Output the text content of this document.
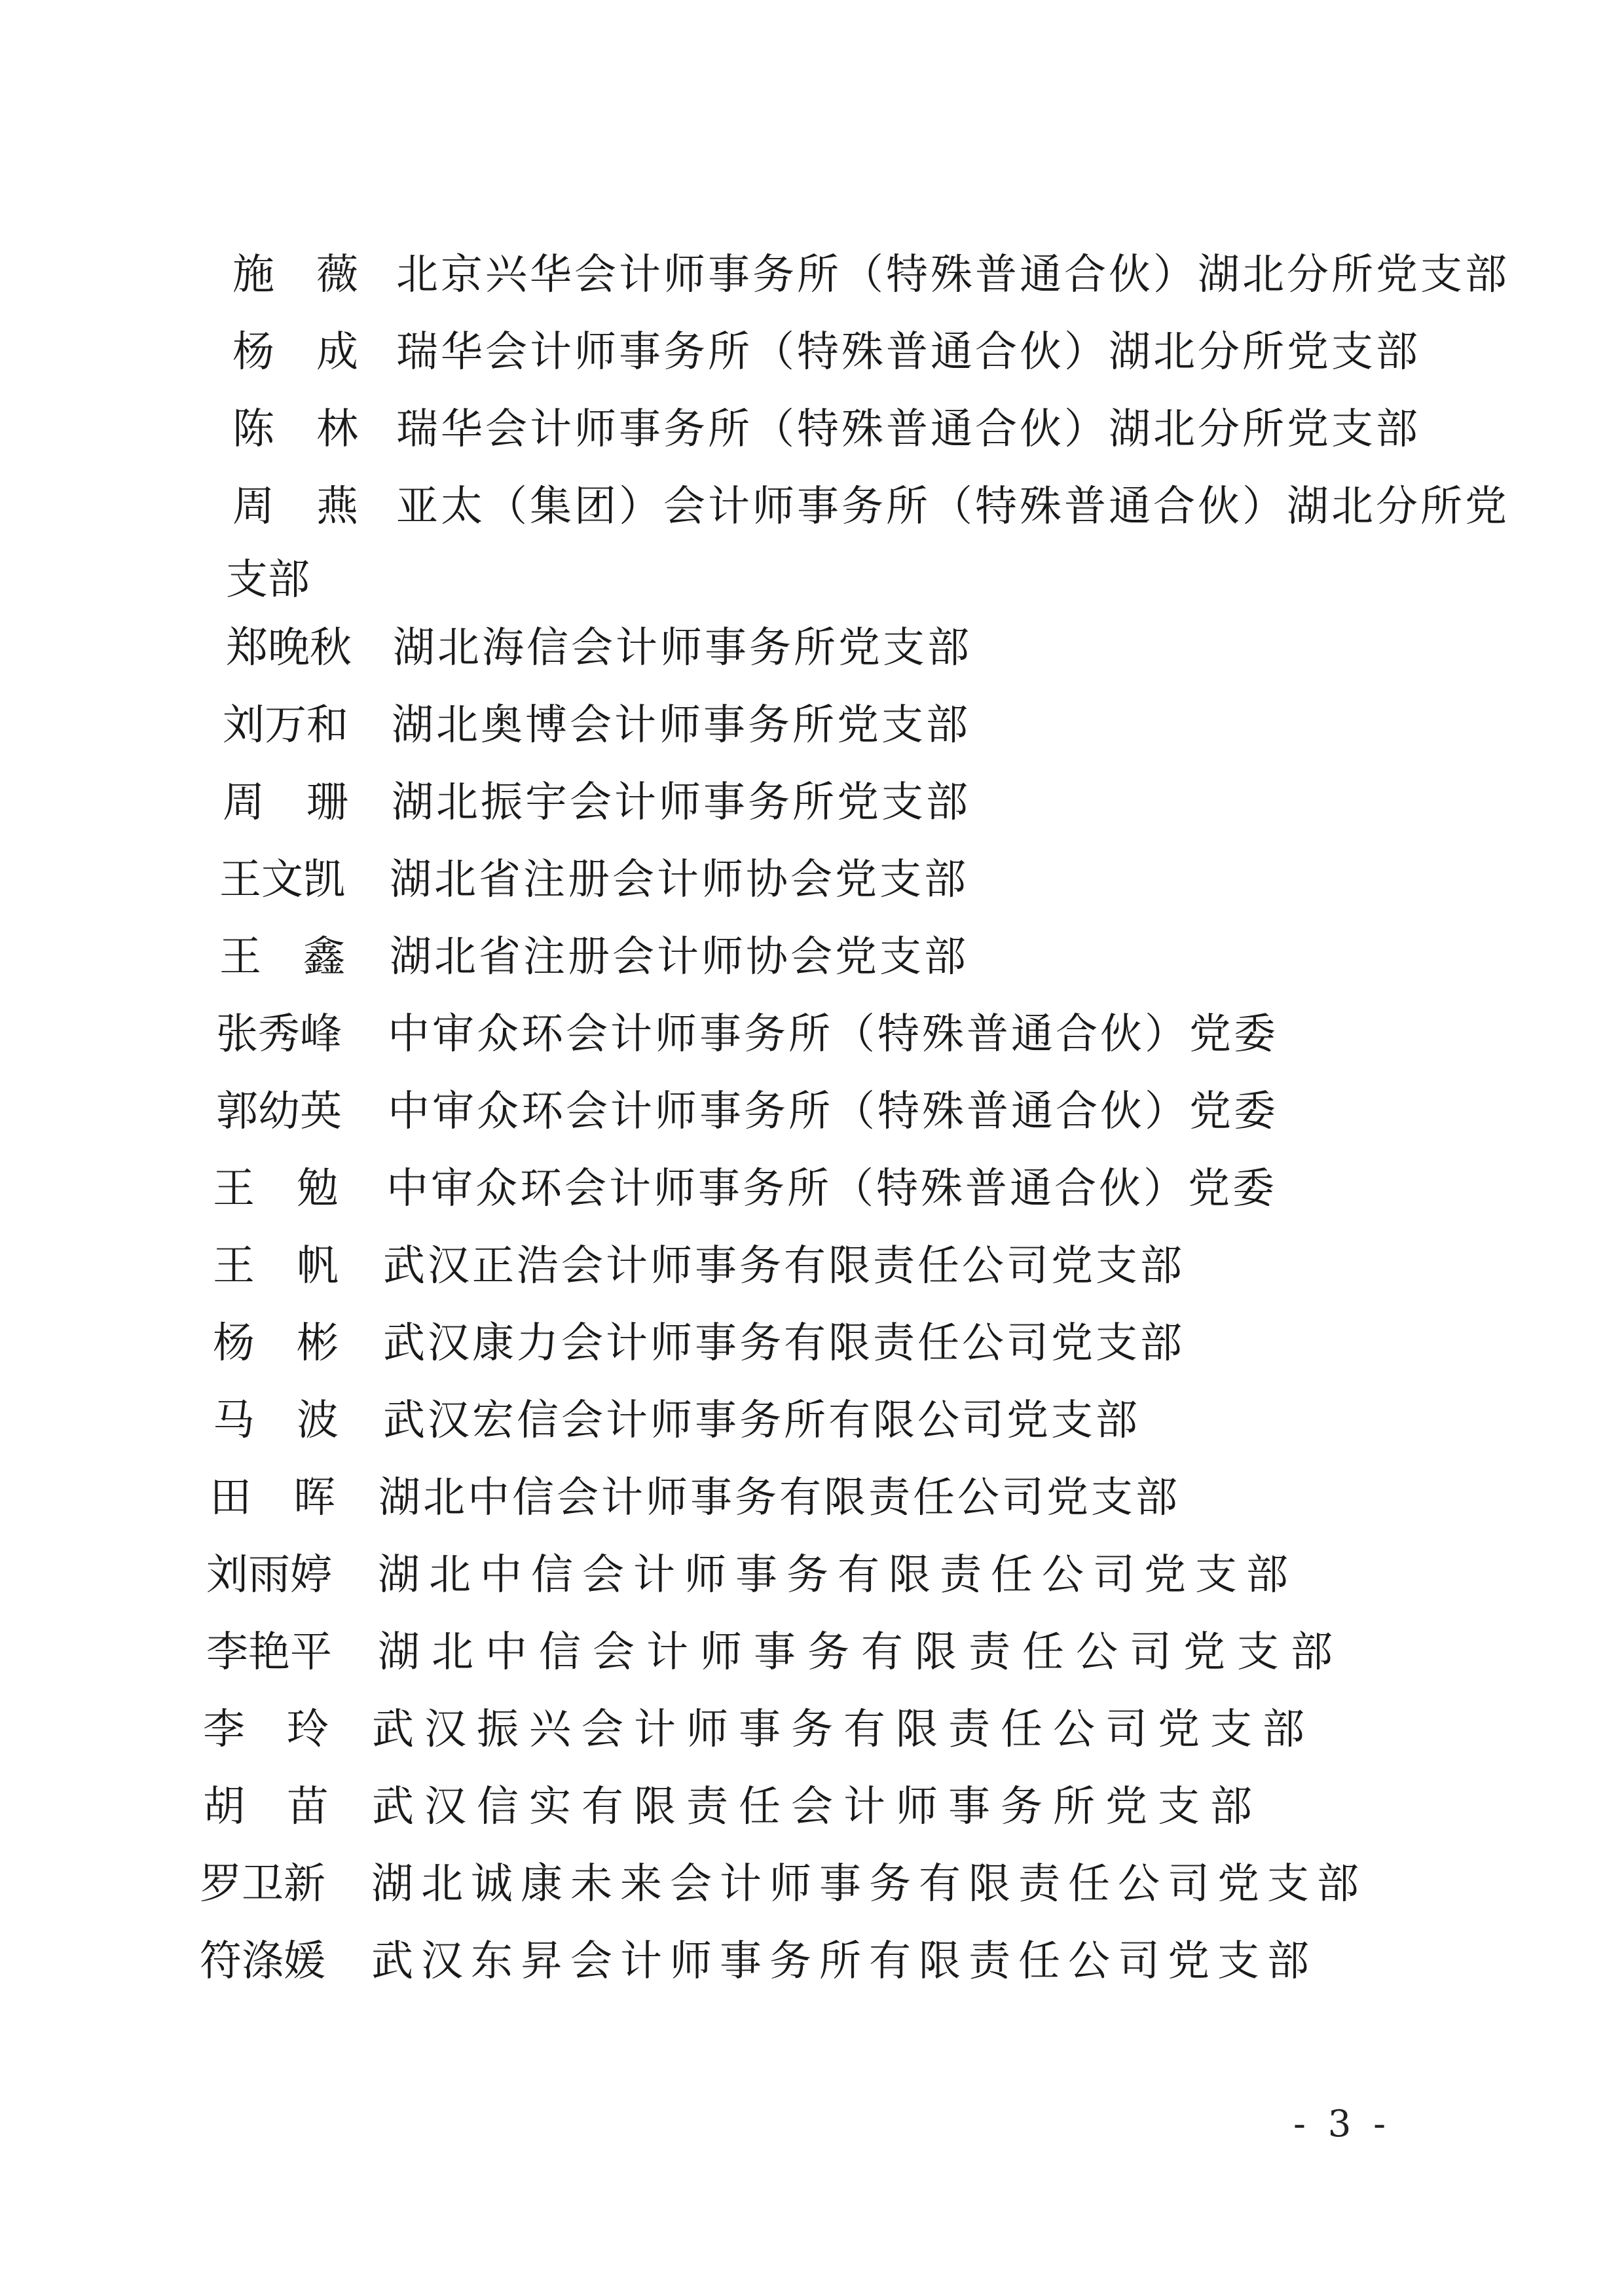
施　薇 北京兴华会计师事务所（特殊普通合伙）湖北分所党支部
杨　成 瑞华会计师事务所（特殊普通合伙）湖北分所党支部
陈　林 瑞华会计师事务所（特殊普通合伙）湖北分所党支部
周　燕 亚太（集团）会计师事务所（特殊普通合伙）湖北分所党
支部
郑晚秋 湖北海信会计师事务所党支部
刘万和	湖北奥博会计师事务所党支部
周　珊	湖北振宇会计师事务所党支部
王文凯	湖北省注册会计师协会党支部
王　鑫	湖北省注册会计师协会党支部
张秀峰	中审众环会计师事务所（特殊普通合伙）党委
郭幼英	中审众环会计师事务所（特殊普通合伙）党委
王　勉	中审众环会计师事务所（特殊普通合伙）党委
王　帆	武汉正浩会计师事务有限责任公司党支部
杨　彬	武汉康力会计师事务有限责任公司党支部
马　波	武汉宏信会计师事务所有限公司党支部
田　晖	湖北中信会计师事务有限责任公司党支部
刘雨婷	湖北中信会计师事务有限责任公司党支部
李艳平	湖北中信会计师事务有限责任公司党支部
李　玲	武汉振兴会计师事务有限责任公司党支部
胡　苗	武汉信实有限责任会计师事务所党支部
罗卫新	湖北诚康未来会计师事务有限责任公司党支部
符涤媛	武汉东昇会计师事务所有限责任公司党支部
- 3 -
